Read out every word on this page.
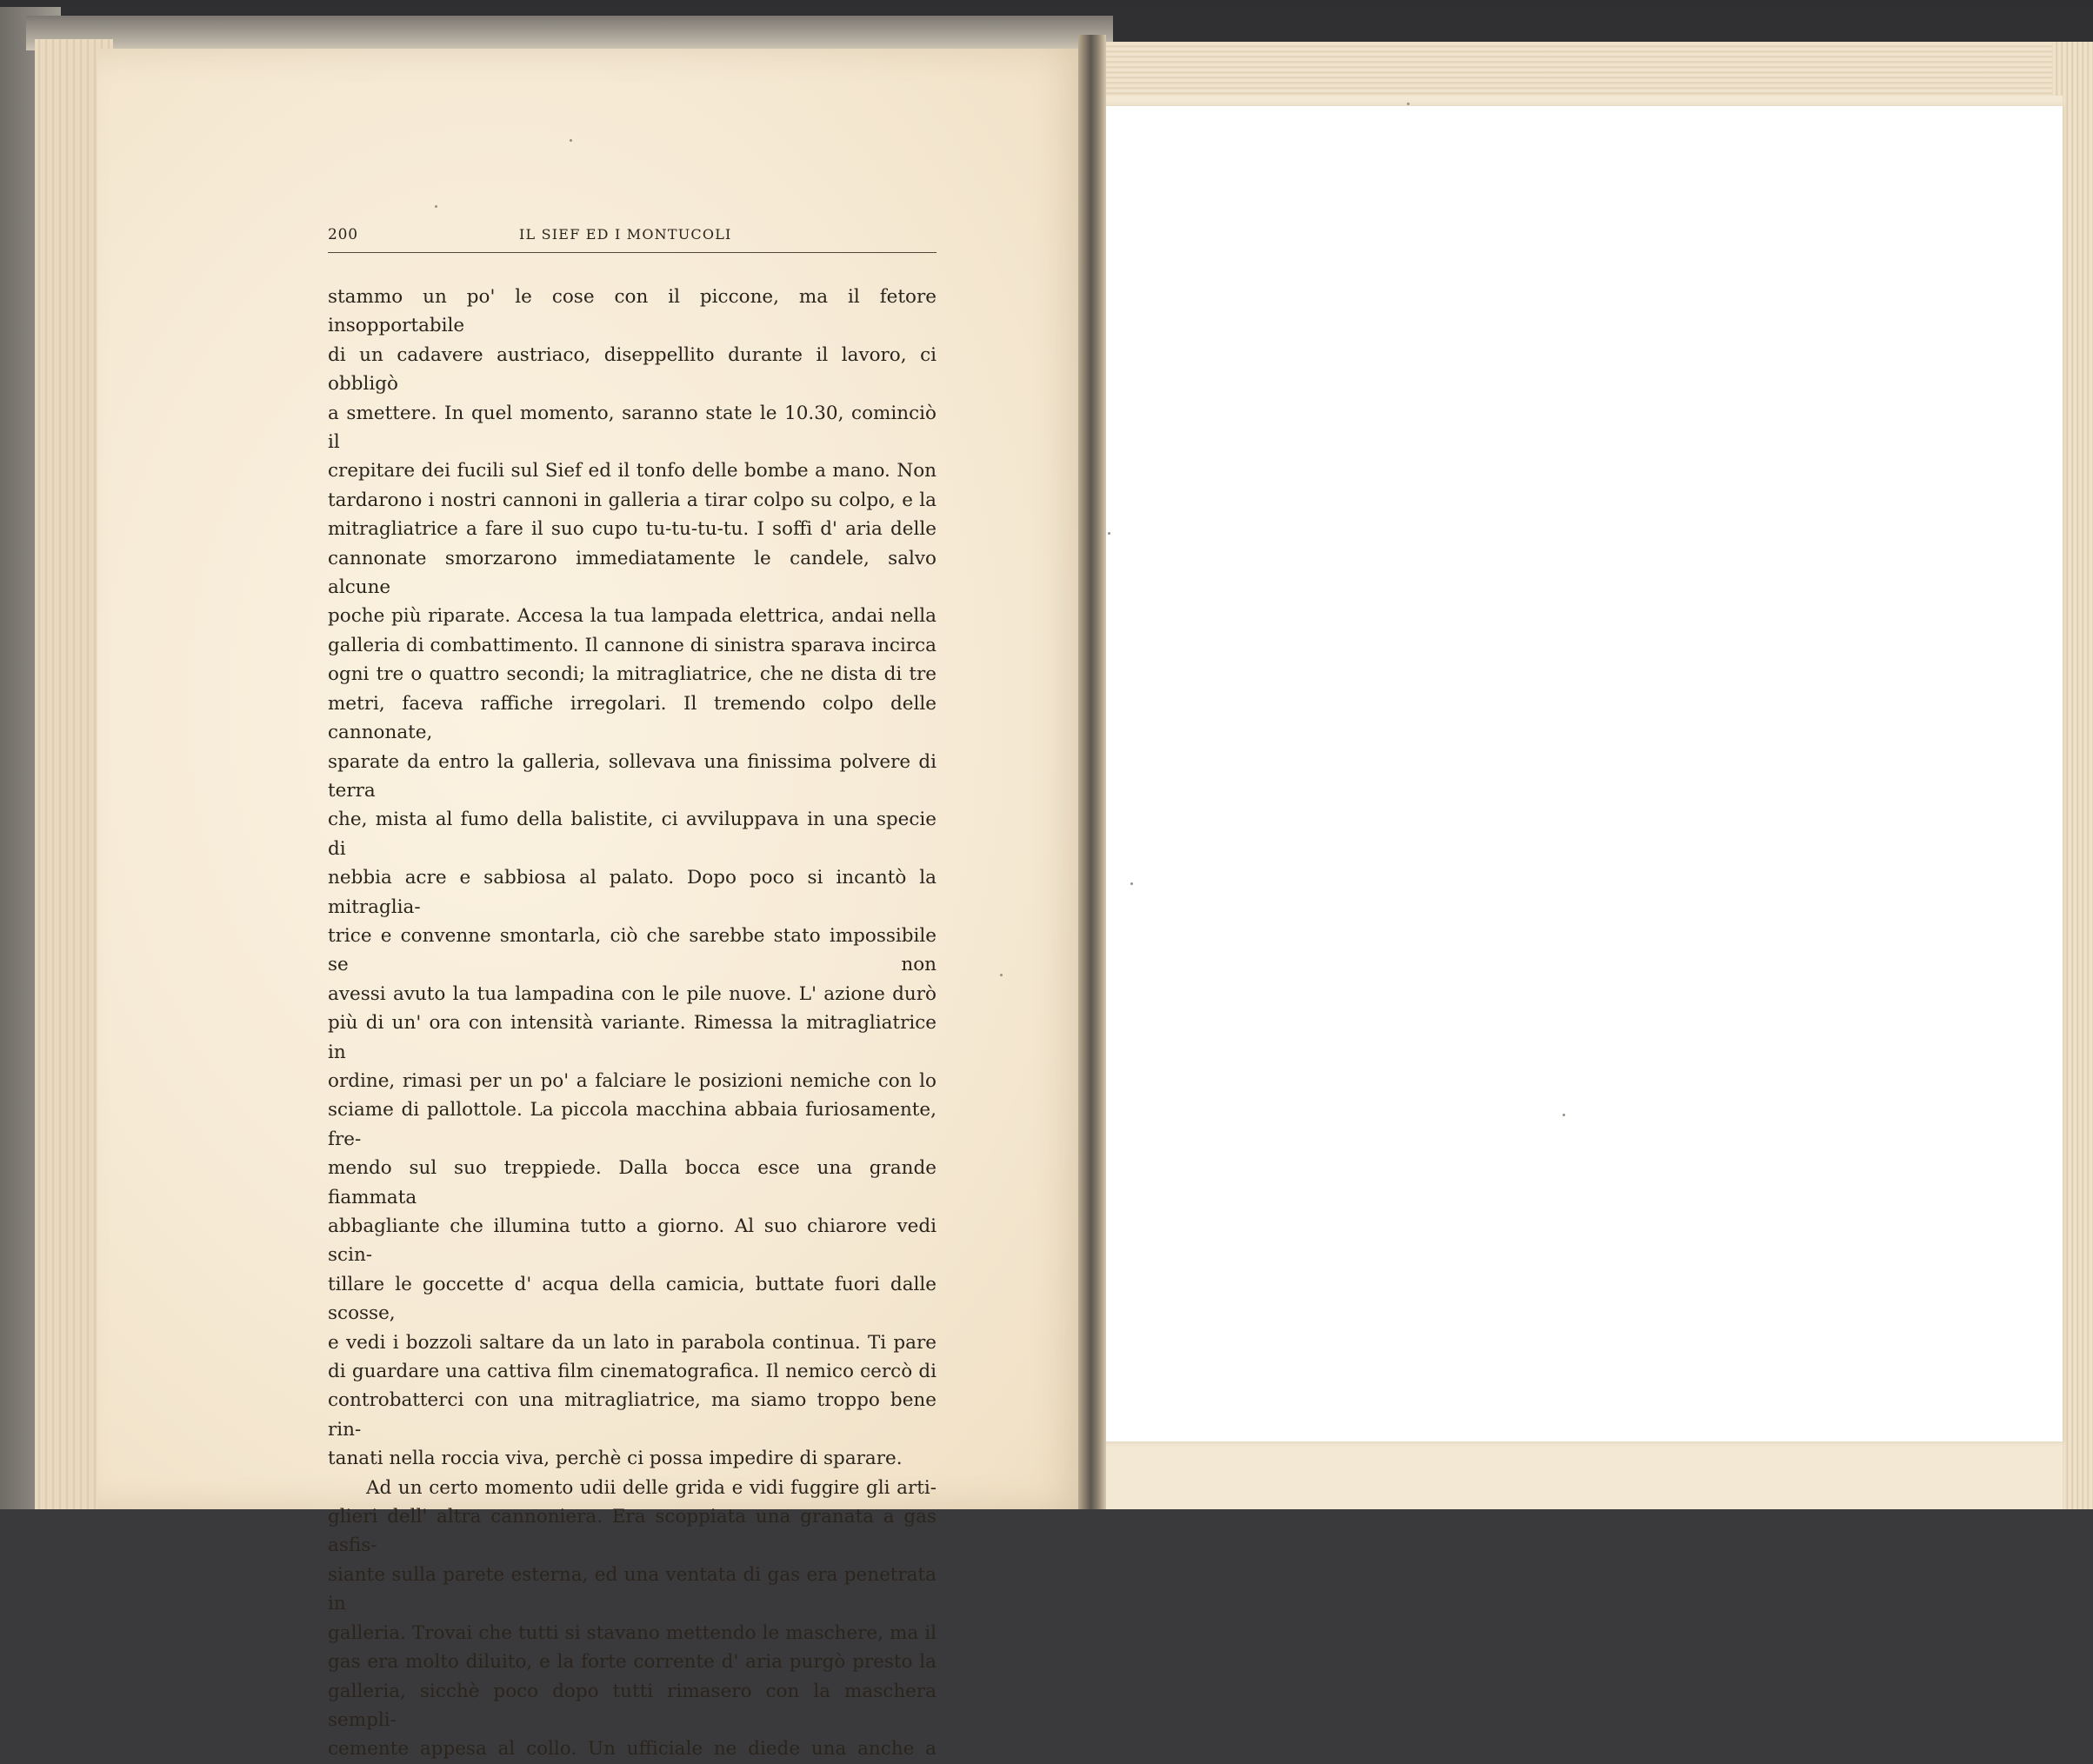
200	IL SIEF ED I MONTUCOLI
stammo un po' le cose con il piccone, ma il fetore insopportabile
di un cadavere austriaco, diseppellito durante il lavoro, ci obbligò
a smettere. In quel momento, saranno state le 10.30, cominciò il
crepitare dei fucili sul Sief ed il tonfo delle bombe a mano. Non
tardarono i nostri cannoni in galleria a tirar colpo su colpo, e la
mitragliatrice a fare il suo cupo tu-tu-tu-tu. I soffi d' aria delle
cannonate smorzarono immediatamente le candele, salvo alcune
poche più riparate. Accesa la tua lampada elettrica, andai nella
galleria di combattimento. Il cannone di sinistra sparava incirca
ogni tre o quattro secondi; la mitragliatrice, che ne dista di tre
metri, faceva raffiche irregolari. Il tremendo colpo delle cannonate,
sparate da entro la galleria, sollevava una finissima polvere di terra
che, mista al fumo della balistite, ci avviluppava in una specie di
nebbia acre e sabbiosa al palato. Dopo poco si incantò la mitraglia-
trice e convenne smontarla, ciò che sarebbe stato impossibile se non
avessi avuto la tua lampadina con le pile nuove. L' azione durò
più di un' ora con intensità variante. Rimessa la mitragliatrice in
ordine, rimasi per un po' a falciare le posizioni nemiche con lo
sciame di pallottole. La piccola macchina abbaia furiosamente, fre-
mendo sul suo treppiede. Dalla bocca esce una grande fiammata
abbagliante che illumina tutto a giorno. Al suo chiarore vedi scin-
tillare le goccette d' acqua della camicia, buttate fuori dalle scosse,
e vedi i bozzoli saltare da un lato in parabola continua. Ti pare
di guardare una cattiva film cinematografica. Il nemico cercò di
controbatterci con una mitragliatrice, ma siamo troppo bene rin-
tanati nella roccia viva, perchè ci possa impedire di sparare.
Ad un certo momento udii delle grida e vidi fuggire gli arti-
glieri dell' altra cannoniera. Era scoppiata una granata a gas asfis-
siante sulla parete esterna, ed una ventata di gas era penetrata in
galleria. Trovai che tutti si stavano mettendo le maschere, ma il
gas era molto diluito, e la forte corrente d' aria purgò presto la
galleria, sicchè poco dopo tutti rimasero con la maschera sempli-
cemente appesa al collo. Un ufficiale ne diede una anche a
